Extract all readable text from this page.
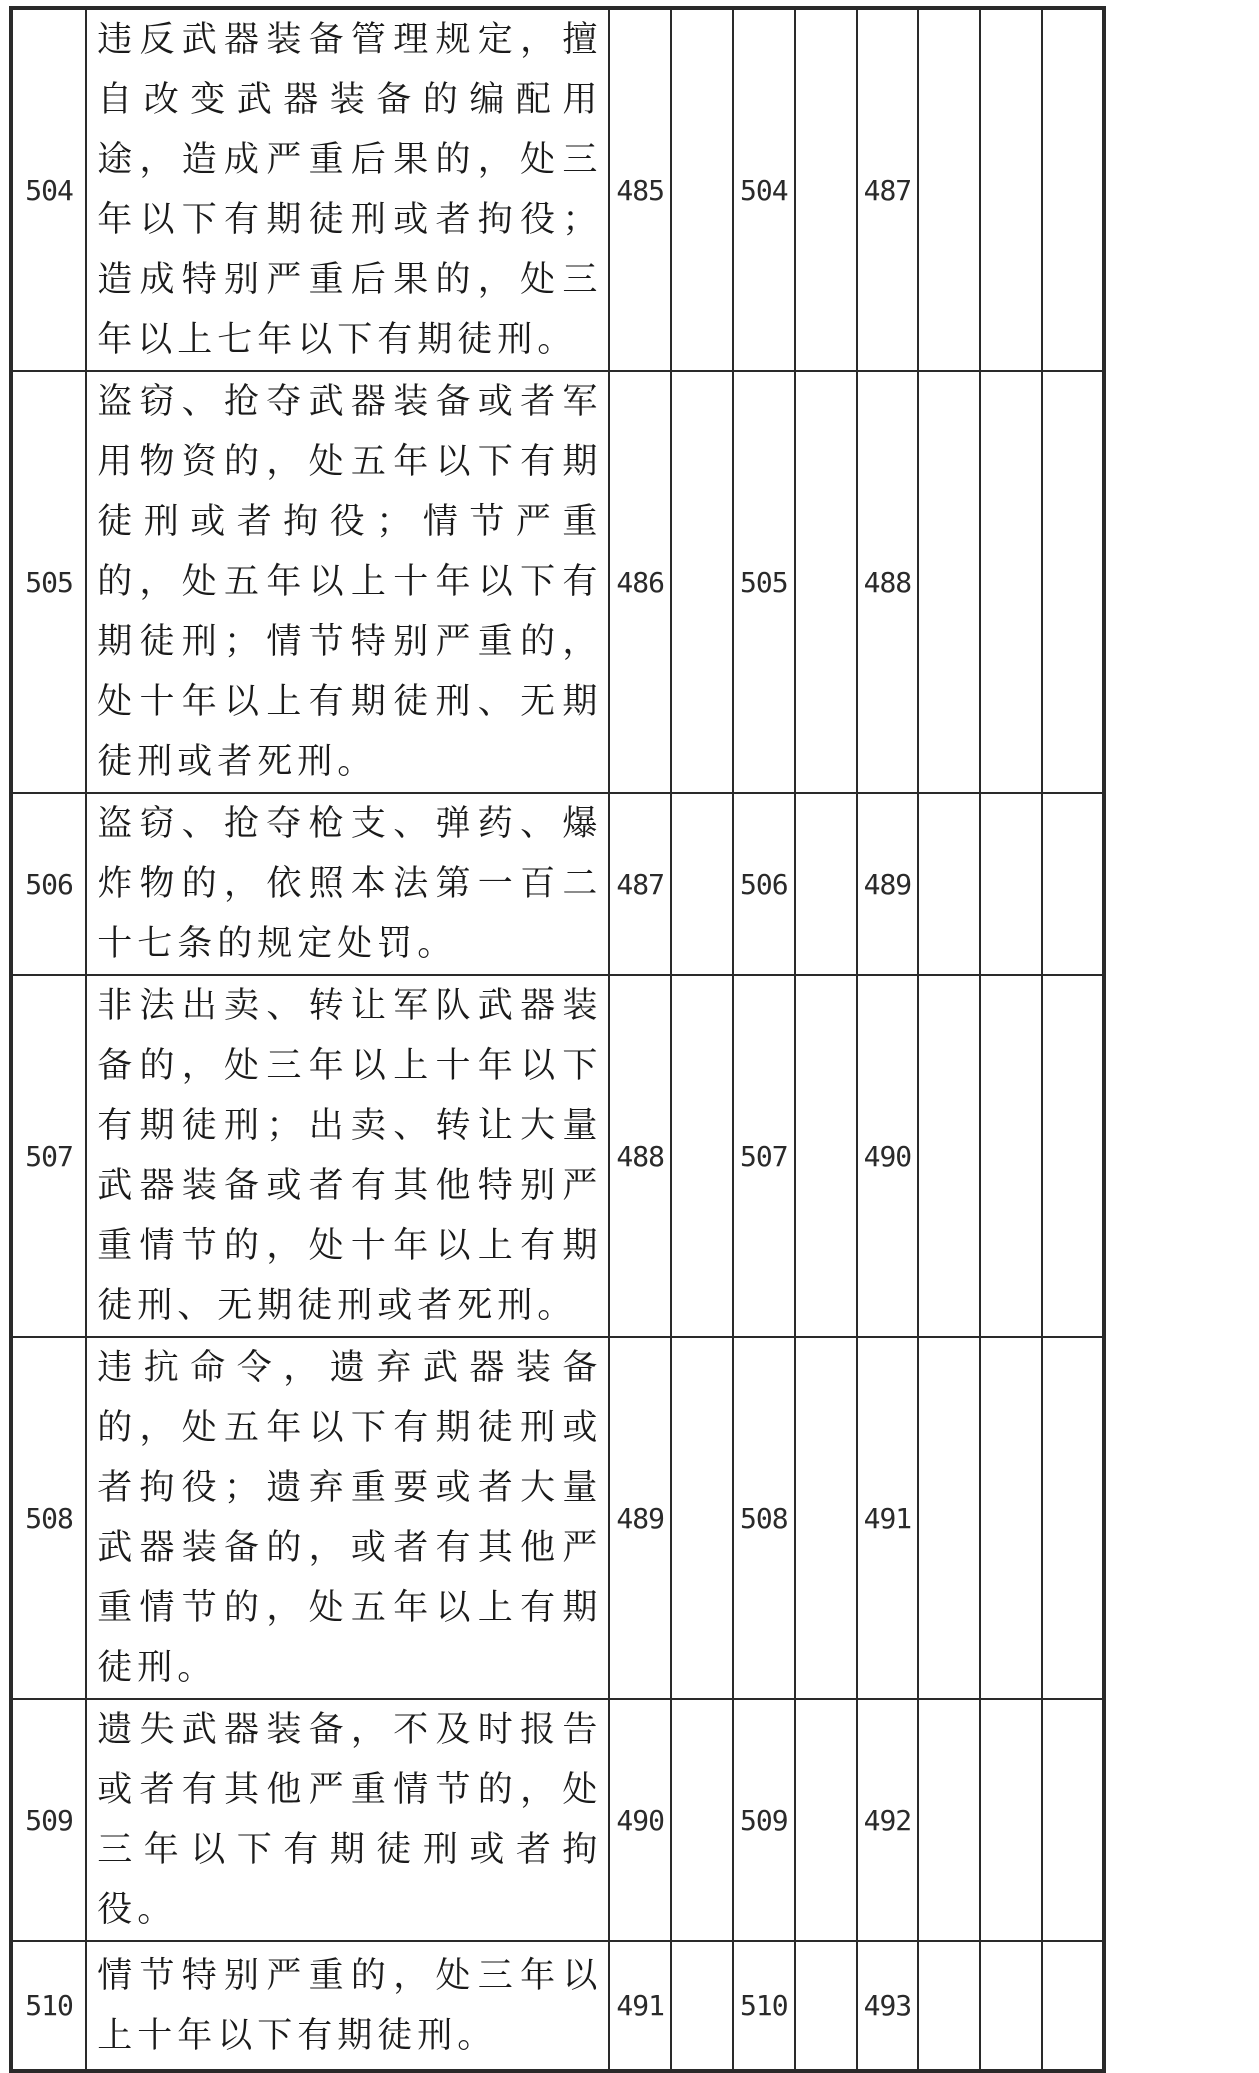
504	违反武器装备管理规定，擅自改变武器装备的编配用途，造成严重后果的，处三年以下有期徒刑或者拘役；造成特别严重后果的，处三年以上七年以下有期徒刑。	485		504		487			
505	盗窃、抢夺武器装备或者军用物资的，处五年以下有期徒刑或者拘役；情节严重的，处五年以上十年以下有期徒刑；情节特别严重的，处十年以上有期徒刑、无期徒刑或者死刑。	486		505		488			
506	盗窃、抢夺枪支、弹药、爆炸物的，依照本法第一百二十七条的规定处罚。	487		506		489			
507	非法出卖、转让军队武器装备的，处三年以上十年以下有期徒刑；出卖、转让大量武器装备或者有其他特别严重情节的，处十年以上有期徒刑、无期徒刑或者死刑。	488		507		490			
508	违抗命令，遗弃武器装备的，处五年以下有期徒刑或者拘役；遗弃重要或者大量武器装备的，或者有其他严重情节的，处五年以上有期徒刑。	489		508		491			
509	遗失武器装备，不及时报告或者有其他严重情节的，处三年以下有期徒刑或者拘役。	490		509		492			
510	情节特别严重的，处三年以上十年以下有期徒刑。	491		510		493			
